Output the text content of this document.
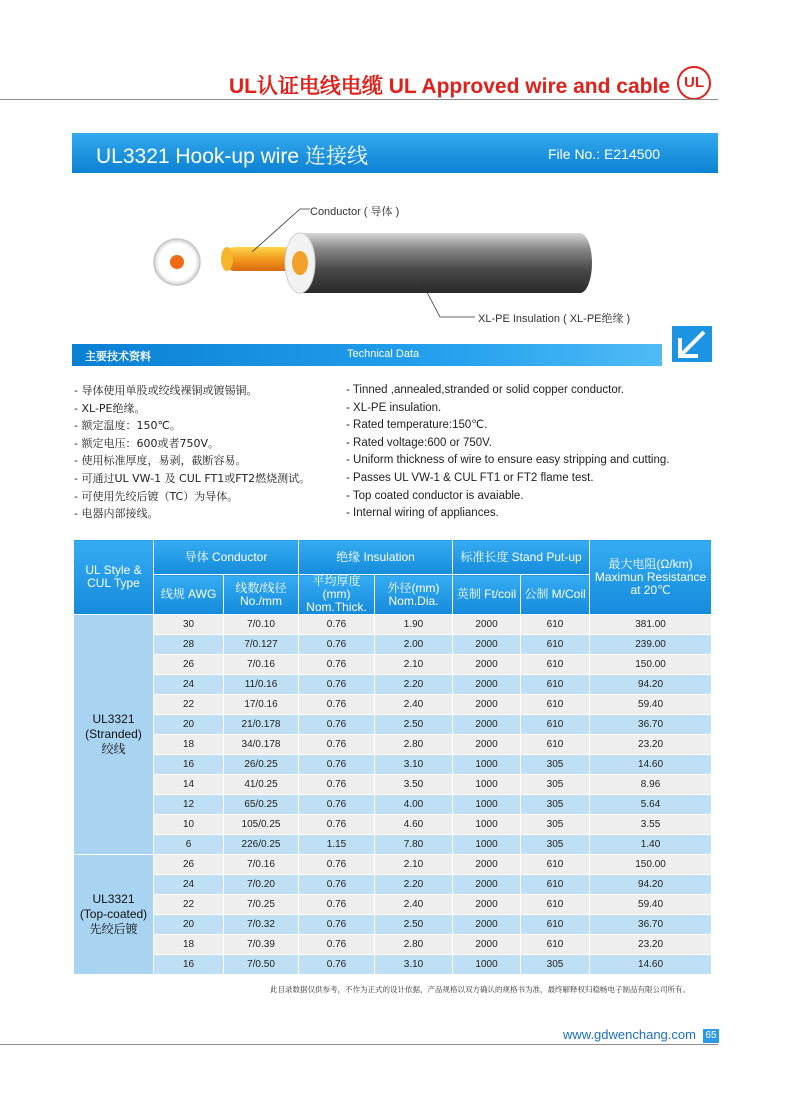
UL认证电线电缆 UL Approved wire and cable UL
UL3321 Hook-up wire 连接线	File No.: E214500
Conductor ( 导体 )
XL-PE Insulation ( XL-PE绝缘 )
主要技术资料	Technical Data
- 导体使用单股或绞线裸铜或镀锡铜。
- XL-PE绝缘。
- 额定温度：150℃。
- 额定电压：600或者750V。
- 使用标准厚度，易剥，截断容易。
- 可通过UL VW-1 及 CUL FT1或FT2燃烧测试。
- 可使用先绞后镀（TC）为导体。
- 电器内部接线。
- Tinned ,annealed,stranded or solid copper conductor.
- XL-PE insulation.
- Rated temperature:150℃.
- Rated voltage:600 or 750V.
- Uniform thickness of wire to ensure easy stripping and cutting.
- Passes UL VW-1 & CUL FT1 or FT2 flame test.
- Top coated conductor is avaiable.
- Internal wiring of appliances.
UL Style & CUL Type	导体 Conductor		绝缘 Insulation		标准长度 Stand Put-up		最大电阻(Ω/km) Maximun Resistance at 20℃
	线规 AWG	线数/线径 No./mm	平均厚度(mm) Nom.Thick.	外径(mm) Nom.Dia.	英制 Ft/coil	公制 M/Coil	
UL3321 (Stranded) 绞线	30	7/0.10	0.76	1.90	2000	610	381.00
	28	7/0.127	0.76	2.00	2000	610	239.00
	26	7/0.16	0.76	2.10	2000	610	150.00
	24	11/0.16	0.76	2.20	2000	610	94.20
	22	17/0.16	0.76	2.40	2000	610	59.40
	20	21/0.178	0.76	2.50	2000	610	36.70
	18	34/0.178	0.76	2.80	2000	610	23.20
	16	26/0.25	0.76	3.10	1000	305	14.60
	14	41/0.25	0.76	3.50	1000	305	8.96
	12	65/0.25	0.76	4.00	1000	305	5.64
	10	105/0.25	0.76	4.60	1000	305	3.55
	6	226/0.25	1.15	7.80	1000	305	1.40
UL3321 (Top-coated) 先绞后镀	26	7/0.16	0.76	2.10	2000	610	150.00
	24	7/0.20	0.76	2.20	2000	610	94.20
	22	7/0.25	0.76	2.40	2000	610	59.40
	20	7/0.32	0.76	2.50	2000	610	36.70
	18	7/0.39	0.76	2.80	2000	610	23.20
	16	7/0.50	0.76	3.10	1000	305	14.60
此目录数据仅供参考，不作为正式的设计依据，产品规格以双方确认的规格书为准，最终解释权归稳畅电子制品有限公司所有。
www.gdwenchang.com 65
